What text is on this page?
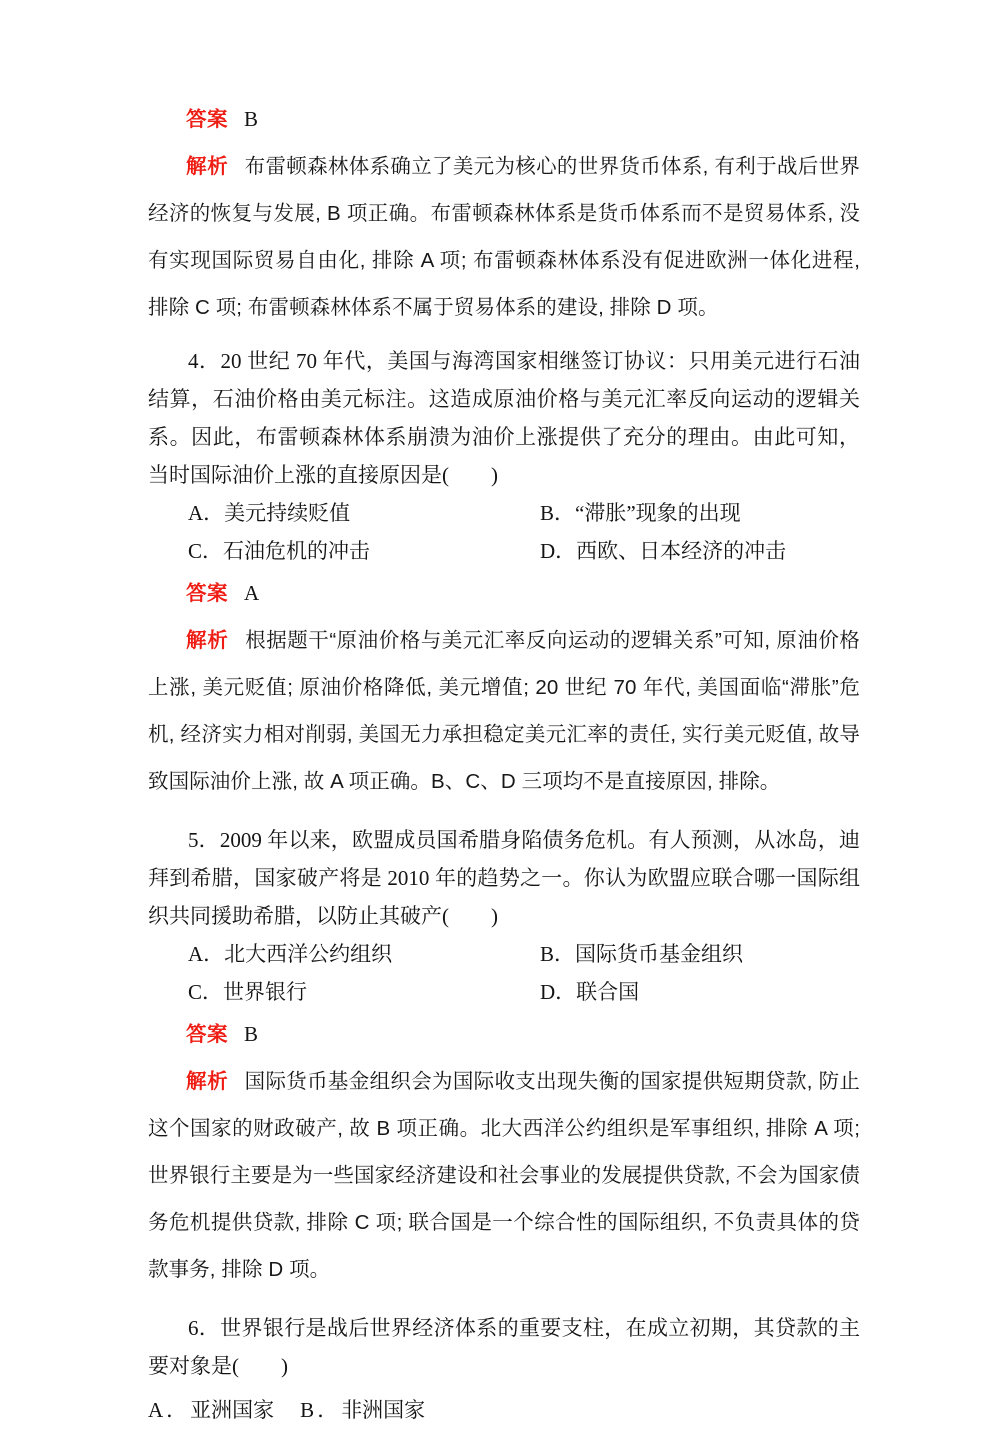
答案 B
解析 布雷顿森林体系确立了美元为核心的世界货币体系, 有利于战后世界经济的恢复与发展, B 项正确。布雷顿森林体系是货币体系而不是贸易体系, 没有实现国际贸易自由化, 排除 A 项; 布雷顿森林体系没有促进欧洲一体化进程, 排除 C 项; 布雷顿森林体系不属于贸易体系的建设, 排除 D 项。
4．20 世纪 70 年代，美国与海湾国家相继签订协议：只用美元进行石油结算，石油价格由美元标注。这造成原油价格与美元汇率反向运动的逻辑关系。因此，布雷顿森林体系崩溃为油价上涨提供了充分的理由。由此可知，当时国际油价上涨的直接原因是(　　)
A．美元持续贬值	B．“滞胀”现象的出现
C．石油危机的冲击	D．西欧、日本经济的冲击
答案 A
解析 根据题干“原油价格与美元汇率反向运动的逻辑关系”可知, 原油价格上涨, 美元贬值; 原油价格降低, 美元增值; 20 世纪 70 年代, 美国面临“滞胀”危机, 经济实力相对削弱, 美国无力承担稳定美元汇率的责任, 实行美元贬值, 故导致国际油价上涨, 故 A 项正确。B、C、D 三项均不是直接原因, 排除。
5．2009 年以来，欧盟成员国希腊身陷债务危机。有人预测，从冰岛，迪拜到希腊，国家破产将是 2010 年的趋势之一。你认为欧盟应联合哪一国际组织共同援助希腊，以防止其破产(　　)
A．北大西洋公约组织	B．国际货币基金组织
C．世界银行	D．联合国
答案 B
解析 国际货币基金组织会为国际收支出现失衡的国家提供短期贷款, 防止这个国家的财政破产, 故 B 项正确。北大西洋公约组织是军事组织, 排除 A 项; 世界银行主要是为一些国家经济建设和社会事业的发展提供贷款, 不会为国家债务危机提供贷款, 排除 C 项; 联合国是一个综合性的国际组织, 不负责具体的贷款事务, 排除 D 项。
6．世界银行是战后世界经济体系的重要支柱，在成立初期，其贷款的主要对象是(　　)
A ． 亚洲国家 B ． 非洲国家
